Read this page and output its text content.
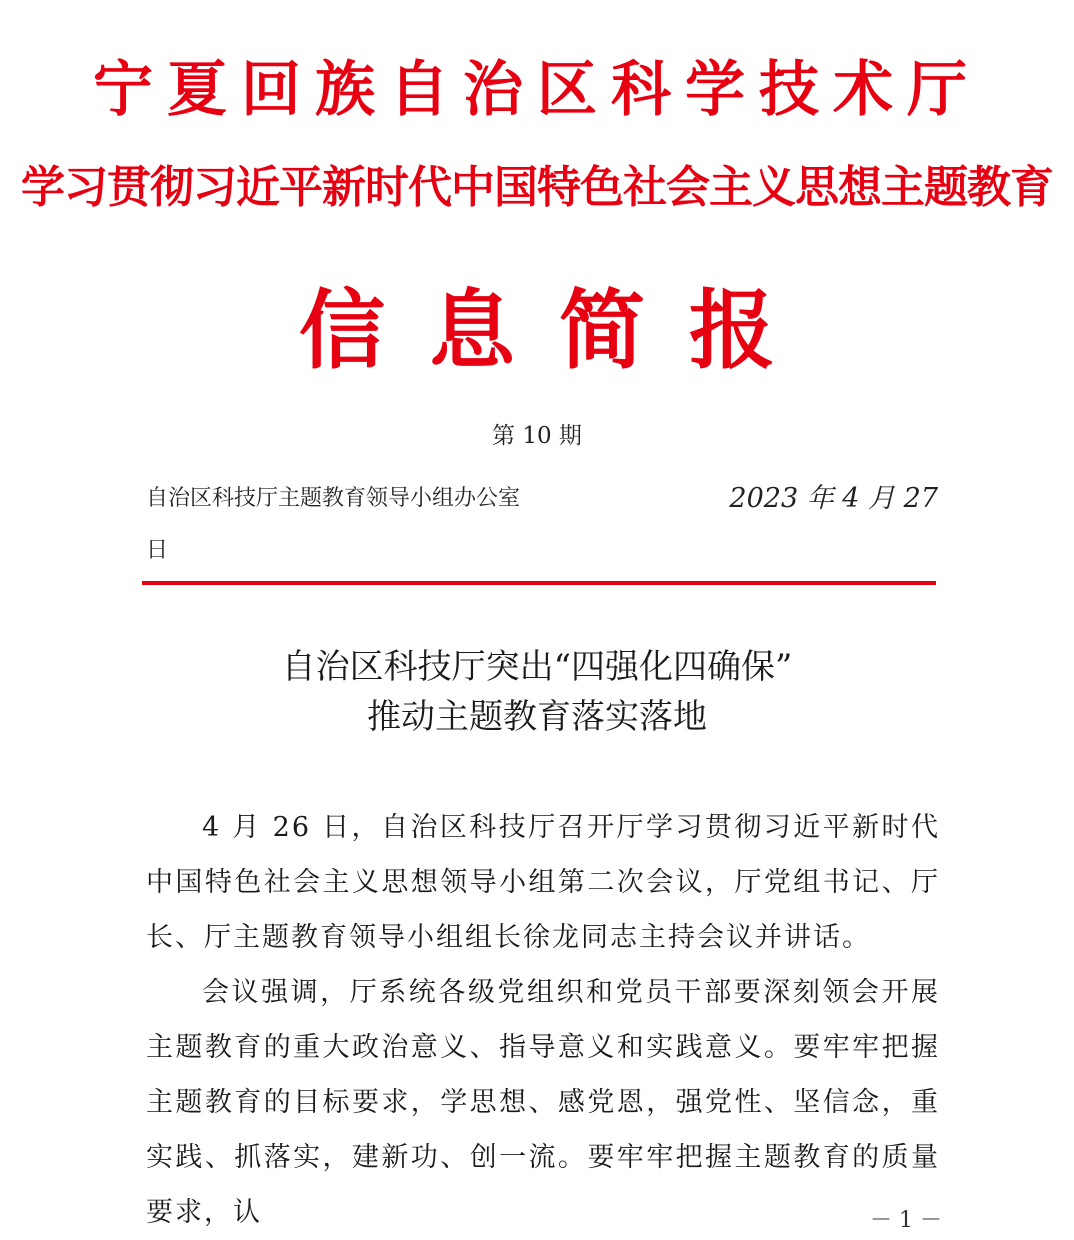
宁夏回族自治区科学技术厅
学习贯彻习近平新时代中国特色社会主义思想主题教育
信息简报
第 10 期
自治区科技厅主题教育领导小组办公室	2023 年 4 月 27
日
自治区科技厅突出“四强化四确保”
推动主题教育落实落地

4 月 26 日，自治区科技厅召开厅学习贯彻习近平新时代中国特色社会主义思想领导小组第二次会议，厅党组书记、厅长、厅主题教育领导小组组长徐龙同志主持会议并讲话。

会议强调，厅系统各级党组织和党员干部要深刻领会开展主题教育的重大政治意义、指导意义和实践意义。要牢牢把握主题教育的目标要求，学思想、感党恩，强党性、坚信念，重实践、抓落实，建新功、创一流。要牢牢把握主题教育的质量要求，认	－ 1 －
